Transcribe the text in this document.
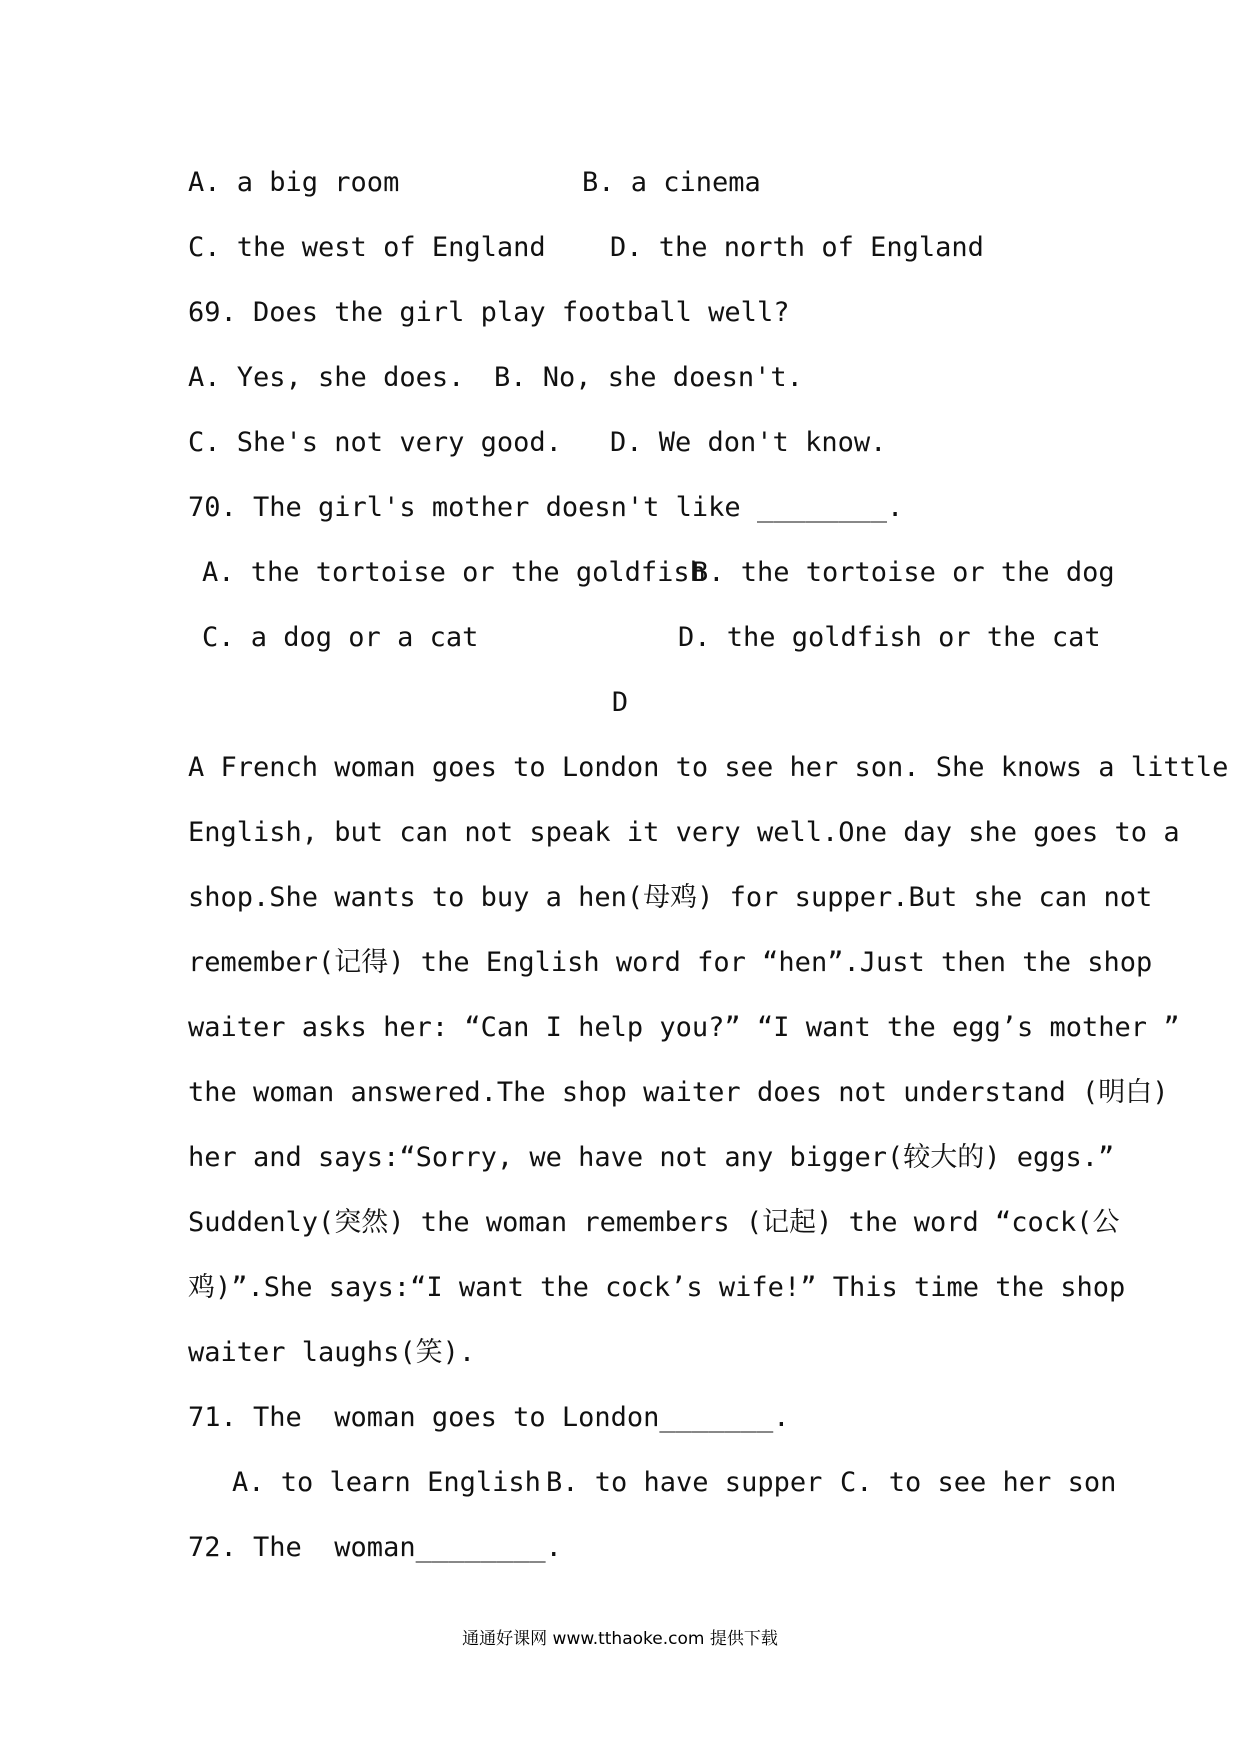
A. a big room	B. a cinema
C. the west of England D. the north of England
69. Does the girl play football well?
A. Yes, she does. B. No, she doesn't.
C. She's not very good. D. We don't know.
70. The girl's mother doesn't like ________.
A. the tortoise or the goldfish
B. the tortoise or the dog
C. a dog or a cat	D. the goldfish or the cat
D
A French woman goes to London to see her son. She knows a little
English, but can not speak it very well.One day she goes to a
shop.She wants to buy a hen(母鸡) for supper.But she can not
remember(记得) the English word for “hen”.Just then the shop
waiter asks her: “Can I help you?” “I want the egg’s mother ”
the woman answered.The shop waiter does not understand (明白)
her and says:“Sorry, we have not any bigger(较大的) eggs.”
Suddenly(突然) the woman remembers (记起) the word “cock(公
鸡)”.She says:“I want the cock’s wife!” This time the shop
waiter laughs(笑).
71. The  woman goes to London_______.
A. to learn English B. to have supper C. to see her son
72. The  woman________.
通通好课网 www.tthaoke.com 提供下载
